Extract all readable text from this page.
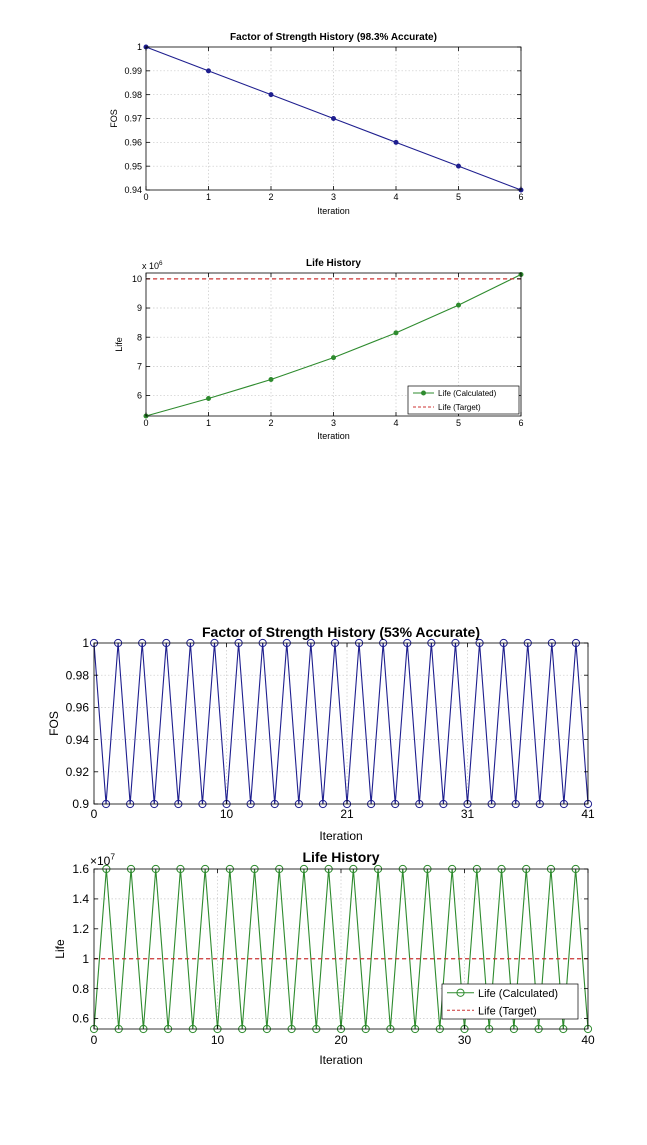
0	1	2	3	4	5	6
0.94
0.95
0.96
0.97
0.98
0.99
1
Factor of Strength History (98.3% Accurate)
Iteration
FOS
0	1	2	3	4	5	6
6
7
8
9
10
x $10^6$	Life History
Iteration
Life
Life (Calculated)
Life (Target)
0	10	21	31	41
0.9
0.92
0.94
0.96
0.98
1
Factor of Strength History (53% Accurate)
Iteration
FOS
0	10	20	30	40
0.6
0.8
1
1.2
1.4
1.6
$\times 10^7$	Life History
Iteration
Life
Life (Calculated)
Life (Target)
